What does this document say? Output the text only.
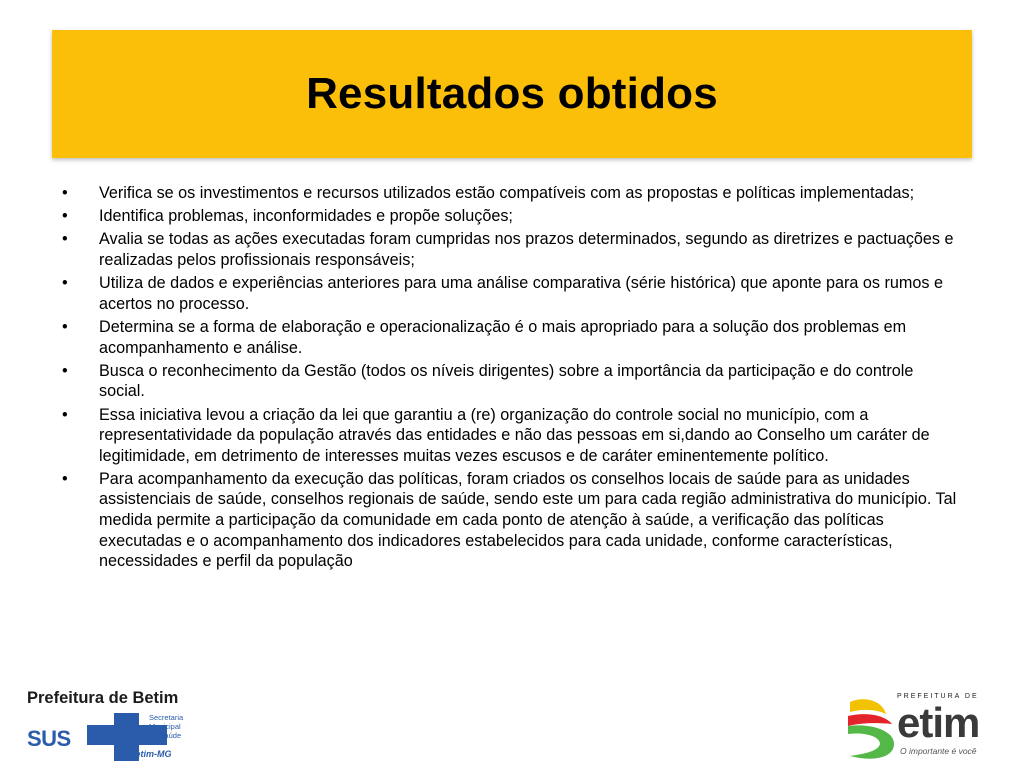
Resultados obtidos
• Verifica se os investimentos e recursos utilizados estão compatíveis com as propostas e políticas implementadas;
• Identifica problemas, inconformidades e propõe soluções;
• Avalia se todas as ações executadas foram cumpridas nos prazos determinados, segundo as diretrizes e pactuações e realizadas pelos profissionais responsáveis;
• Utiliza de dados e experiências anteriores para uma análise comparativa (série histórica) que aponte para os rumos e acertos no processo.
• Determina se a forma de elaboração e operacionalização é o mais apropriado para a solução dos problemas em acompanhamento e análise.
• Busca o reconhecimento da Gestão (todos os níveis dirigentes) sobre a importância da participação e do controle social.
• Essa iniciativa levou a criação da lei que garantiu a (re) organização do controle social no município, com a representatividade da população através das entidades e não das pessoas em si,dando ao Conselho um caráter de legitimidade, em detrimento de interesses muitas vezes escusos e de caráter eminentemente político.
• Para acompanhamento da execução das políticas, foram criados os conselhos locais de saúde para as unidades assistenciais de saúde, conselhos regionais de saúde, sendo este um para cada região administrativa do município. Tal medida permite a participação da comunidade em cada ponto de atenção à saúde, a verificação das políticas executadas e o acompanhamento dos indicadores estabelecidos para cada unidade, conforme características, necessidades e perfil da população
Prefeitura de Betim
SUS
Secretaria
Municipal
de Saúde
Betim-MG
PREFEITURA DE
etim
O importante é você
